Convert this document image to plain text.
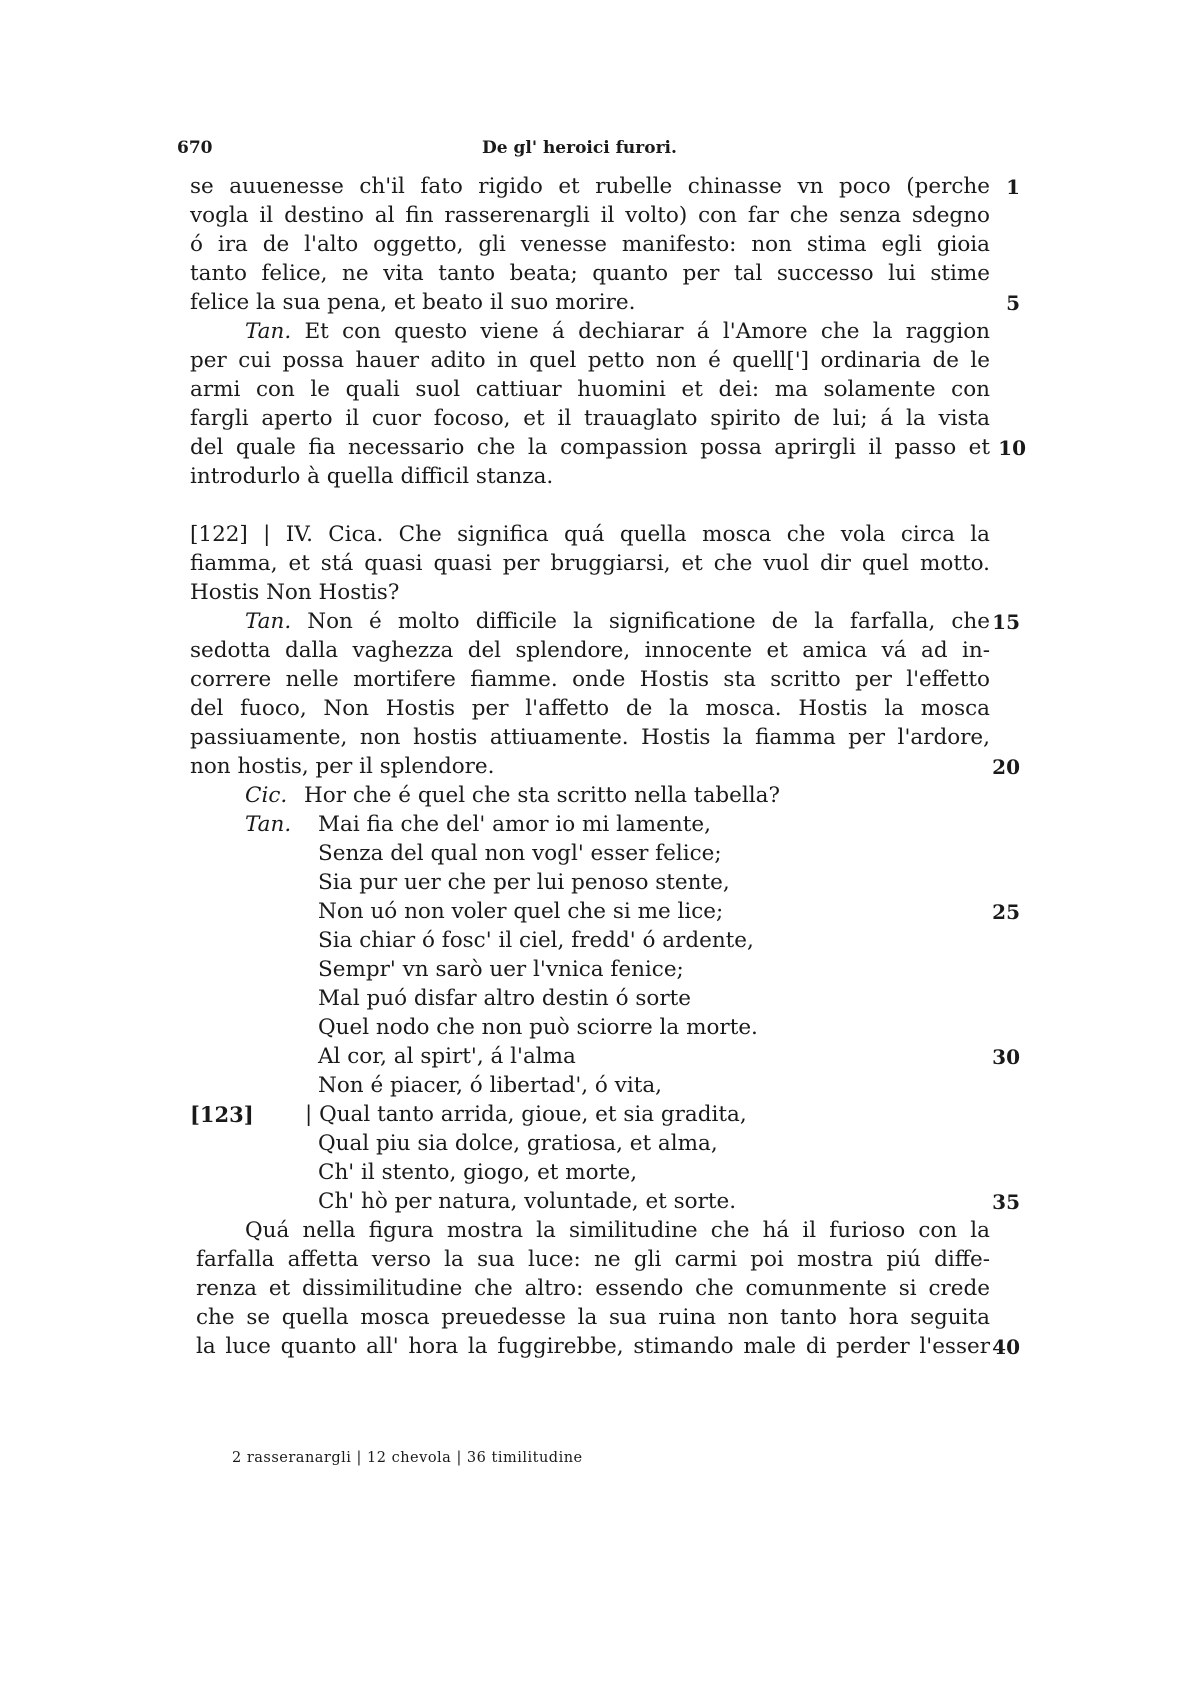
670	De gl' heroici furori.
se auuenesse ch'il fato rigido et rubelle chinasse vn poco (perche
vogla il destino al fin rasserenargli il volto) con far che senza sdegno
ó ira de l'alto oggetto, gli venesse manifesto: non stima egli gioia
tanto felice, ne vita tanto beata; quanto per tal successo lui stime
felice la sua pena, et beato il suo morire.
Tan. Et con questo viene á dechiarar á l'Amore che la raggion
per cui possa hauer adito in quel petto non é quell['] ordinaria de le
armi con le quali suol cattiuar huomini et dei: ma solamente con
fargli aperto il cuor focoso, et il trauaglato spirito de lui; á la vista
del quale fia necessario che la compassion possa aprirgli il passo et
introdurlo à quella difficil stanza.
[122] | IV. Cica. Che significa quá quella mosca che vola circa la
fiamma, et stá quasi quasi per bruggiarsi, et che vuol dir quel motto.
Hostis Non Hostis?
Tan. Non é molto difficile la significatione de la farfalla, che
sedotta dalla vaghezza del splendore, innocente et amica vá ad in-
correre nelle mortifere fiamme. onde Hostis sta scritto per l'effetto
del fuoco, Non Hostis per l'affetto de la mosca. Hostis la mosca
passiuamente, non hostis attiuamente. Hostis la fiamma per l'ardore,
non hostis, per il splendore.
Cic. Hor che é quel che sta scritto nella tabella?
Tan.	Mai fia che del' amor io mi lamente,
Senza del qual non vogl' esser felice;
Sia pur uer che per lui penoso stente,
Non uó non voler quel che si me lice;
Sia chiar ó fosc' il ciel, fredd' ó ardente,
Sempr' vn sarò uer l'vnica fenice;
Mal puó disfar altro destin ó sorte
Quel nodo che non può sciorre la morte.
Al cor, al spirt', á l'alma
Non é piacer, ó libertad', ó vita,
[123] | Qual tanto arrida, gioue, et sia gradita,
Qual piu sia dolce, gratiosa, et alma,
Ch' il stento, giogo, et morte,
Ch' hò per natura, voluntade, et sorte.
Quá nella figura mostra la similitudine che há il furioso con la
farfalla affetta verso la sua luce: ne gli carmi poi mostra piú diffe-
renza et dissimilitudine che altro: essendo che comunmente si crede
che se quella mosca preuedesse la sua ruina non tanto hora seguita
la luce quanto all' hora la fuggirebbe, stimando male di perder l'esser
1
5
10
15
20
25
30
35
40
2 rasseranargli | 12 chevola | 36 timilitudine
